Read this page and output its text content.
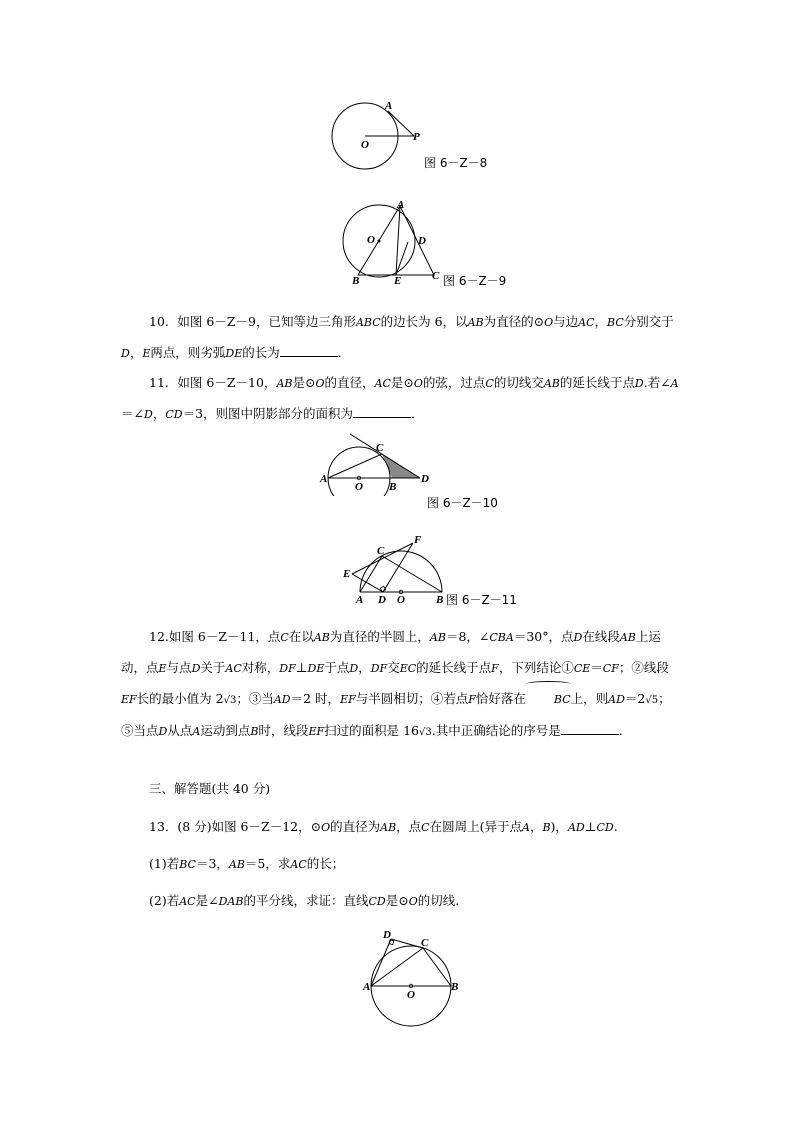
A
O
P
图 6－Z－8
A
O	D
B	E	C 图 6－Z－9
10．如图 6－Z－9，已知等边三角形ABC的边长为 6，以AB为直径的⊙O与边AC，BC分别交于D，E两点，则劣弧DE的长为	．
11．如图 6－Z－10，AB是⊙O的直径，AC是⊙O的弦，过点C的切线交AB的延长线于点D.若∠A＝∠D，CD＝3，则图中阴影部分的面积为	．
A
C
O B
D
图 6－Z－10
F
C
E
A D O	B 图 6－Z－11
12.如图 6－Z－11，点C在以AB为直径的半圆上，AB＝8，∠CBA＝30°，点D在线段AB上运动，点E与点D关于AC对称，DF⊥DE于点D，DF交EC的延长线于点F，下列结论①CE＝CF；②线段EF长的最小值为 2√3；③当AD＝2 时，EF与半圆相切；④若点F恰好落在	BC上，则AD＝2√5；⑤当点D从点A运动到点B时，线段EF扫过的面积是 16√3.其中正确结论的序号是	．
三、解答题(共 40 分)
13．(8 分)如图 6－Z－12，⊙O的直径为AB，点C在圆周上(异于点A，B)，AD⊥CD.
(1)若BC＝3，AB＝5，求AC的长；
(2)若AC是∠DAB的平分线，求证：直线CD是⊙O的切线.
D
C
A
O
B
